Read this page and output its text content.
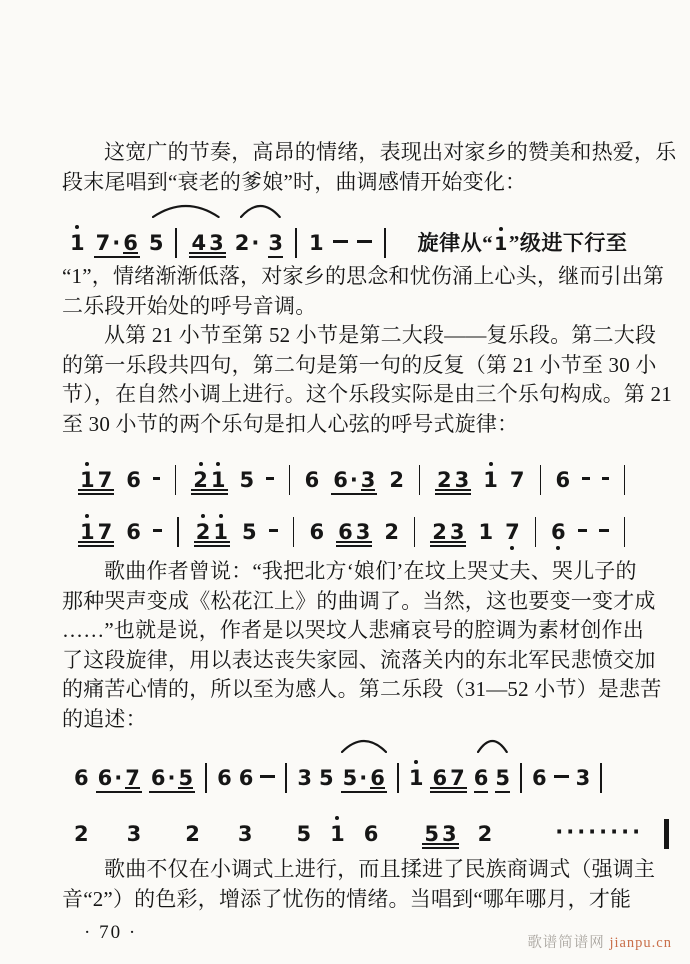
这宽广的节奏，高昂的情绪，表现出对家乡的赞美和热爱，乐
段末尾唱到“衰老的爹娘”时，曲调感情开始变化：
1 7· 6 5 4 3 2· 3 1	旋律从“1
”级进下行至
“1”，情绪渐渐低落，对家乡的思念和忧伤涌上心头，继而引出第
二乐段开始处的呼号音调。
从第 21 小节至第 52 小节是第二大段——复乐段。第二大段
的第一乐段共四句，第二句是第一句的反复（第 21 小节至 30 小
节），在自然小调上进行。这个乐段实际是由三个乐句构成。第 21
至 30 小节的两个乐句是扣人心弦的呼号式旋律：
1 7 6 2 1 5 6 6· 3 2 2 3 1 7 6
1 7 6	2 1 5	6 6 3 2 2 3 1 7 6
歌曲作者曾说：“我把北方‘娘们’在坟上哭丈夫、哭儿子的
那种哭声变成《松花江上》的曲调了。当然，这也要变一变才成
……”也就是说，作者是以哭坟人悲痛哀号的腔调为素材创作出
了这段旋律，用以表达丧失家园、流落关内的东北军民悲愤交加
的痛苦心情的，所以至为感人。第二乐段（31—52 小节）是悲苦
的追述：
6 6· 7 6· 5 6 6 3 5 5· 6 1 6 7 6 5 6 3
2 3 2 3 5 1 6 5 3 2	········
歌曲不仅在小调式上进行，而且揉进了民族商调式（强调主
音“2”）的色彩，增添了忧伤的情绪。当唱到“哪年哪月，才能
· 70 ·	歌谱简谱网 jianpu.cn
